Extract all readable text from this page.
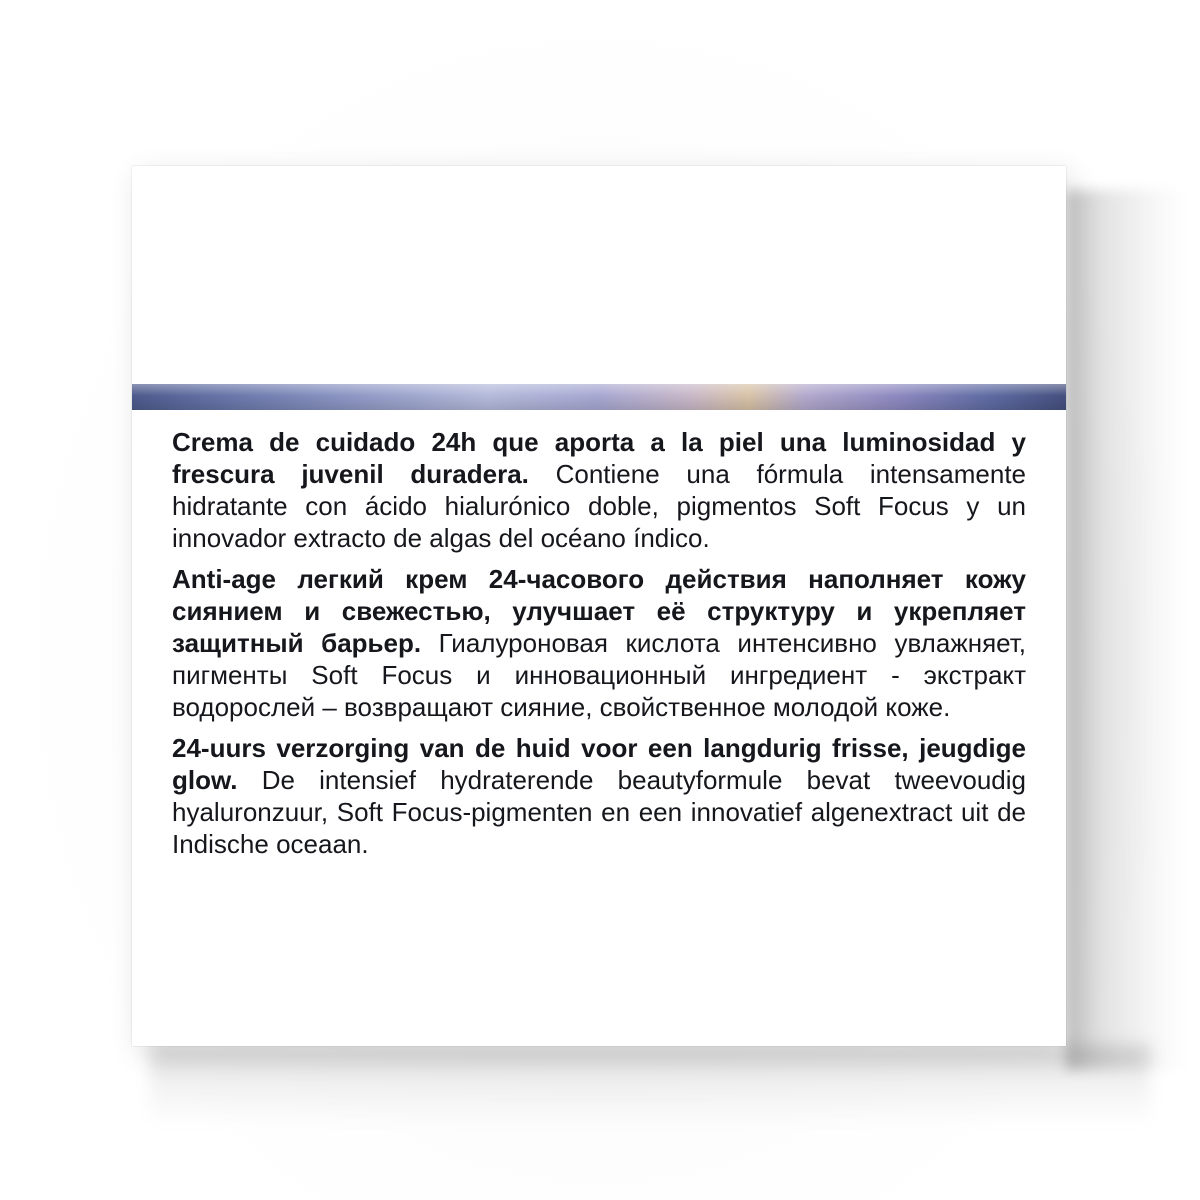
Crema de cuidado 24h que aporta a la piel una luminosidad y frescura juvenil duradera. Contiene una fórmula intensamente hidratante con ácido hialurónico doble, pigmentos Soft Focus y un innovador extracto de algas del océano índico.

Anti-age легкий крем 24-часового действия наполняет кожу сиянием и свежестью, улучшает её структуру и укрепляет защитный барьер. Гиалуроновая кислота интенсивно увлажняет, пигменты Soft Focus и инновационный ингредиент - экстракт водорослей – возвращают сияние, свойственное молодой коже.

24-uurs verzorging van de huid voor een langdurig frisse, jeugdige glow. De intensief hydraterende beautyformule bevat tweevoudig hyaluronzuur, Soft Focus-pigmenten en een innovatief algenextract uit de Indische oceaan.
